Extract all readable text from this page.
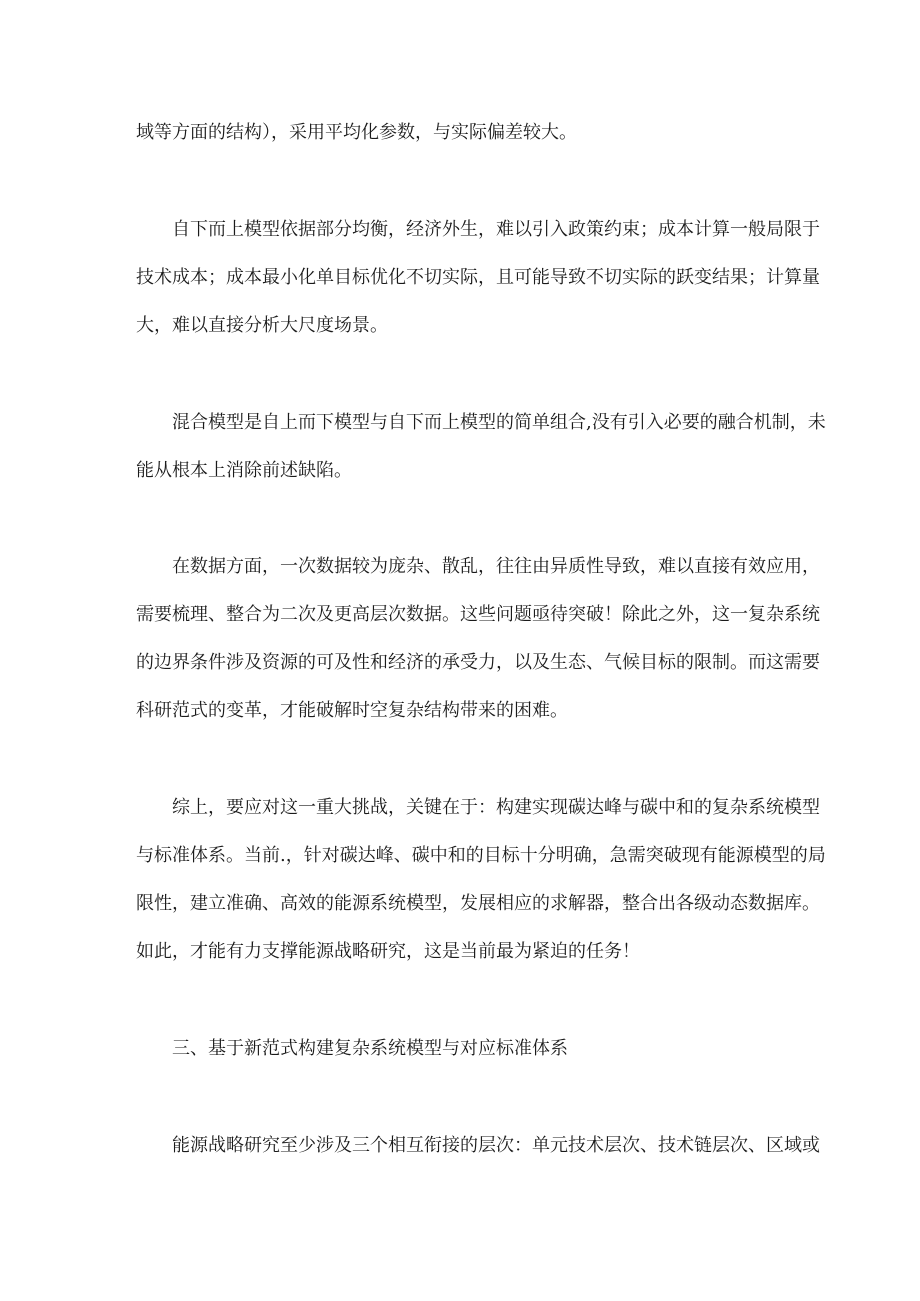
域等方面的结构），采用平均化参数，与实际偏差较大。
自下而上模型依据部分均衡，经济外生，难以引入政策约束；成本计算一般局限于
技术成本；成本最小化单目标优化不切实际，且可能导致不切实际的跃变结果；计算量
大，难以直接分析大尺度场景。
混合模型是自上而下模型与自下而上模型的简单组合,没有引入必要的融合机制，未
能从根本上消除前述缺陷。
在数据方面，一次数据较为庞杂、散乱，往往由异质性导致，难以直接有效应用，
需要梳理、整合为二次及更高层次数据。这些问题亟待突破！除此之外，这一复杂系统
的边界条件涉及资源的可及性和经济的承受力，以及生态、气候目标的限制。而这需要
科研范式的变革，才能破解时空复杂结构带来的困难。
综上，要应对这一重大挑战，关键在于：构建实现碳达峰与碳中和的复杂系统模型
与标准体系。当前.，针对碳达峰、碳中和的目标十分明确，急需突破现有能源模型的局
限性，建立准确、高效的能源系统模型，发展相应的求解器，整合出各级动态数据库。
如此，才能有力支撑能源战略研究，这是当前最为紧迫的任务！
三、基于新范式构建复杂系统模型与对应标准体系
能源战略研究至少涉及三个相互衔接的层次：单元技术层次、技术链层次、区域或
